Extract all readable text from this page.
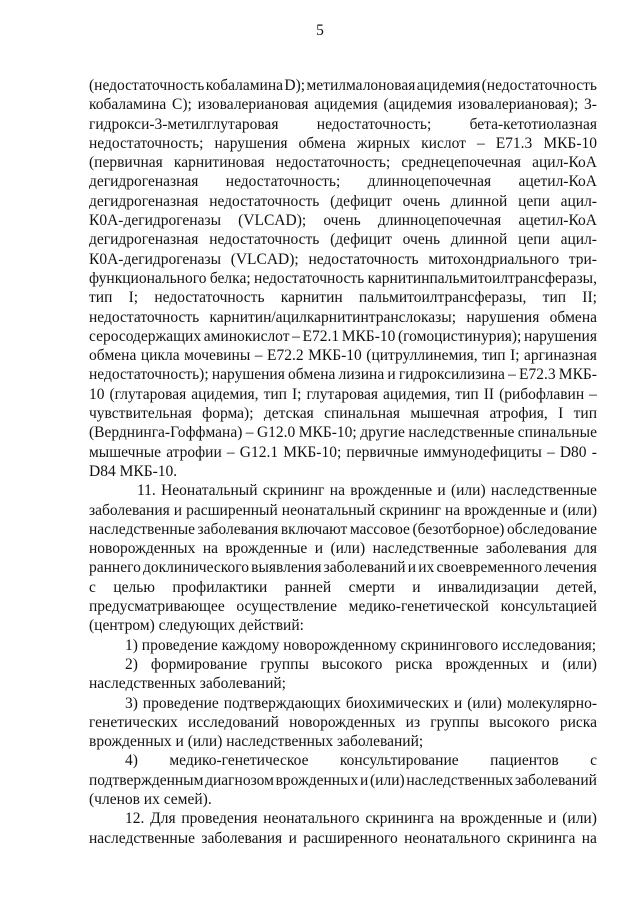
5
(недостаточность кобаламина D); метилмалоновая ацидемия (недостаточность
кобаламина С); изовалериановая ацидемия (ацидемия изовалериановая); 3-
гидрокси-3-метилглутаровая недостаточность; бета-кетотиолазная
недостаточность; нарушения обмена жирных кислот – Е71.3 МКБ-10
(первичная карнитиновая недостаточность; среднецепочечная ацил-КоА
дегидрогеназная недостаточность; длинноцепочечная ацетил-КоА
дегидрогеназная недостаточность (дефицит очень длинной цепи ацил-
К0А-дегидрогеназы (VLCAD); очень длинноцепочечная ацетил-КоА
дегидрогеназная недостаточность (дефицит очень длинной цепи ацил-
К0А-дегидрогеназы (VLCAD); недостаточность митохондриального три-
функционального белка; недостаточность карнитинпальмитоилтрансферазы,
тип I; недостаточность карнитин пальмитоилтрансферазы, тип II;
недостаточность карнитин/ацилкарнитинтранслоказы; нарушения обмена
серосодержащих аминокислот – Е72.1 МКБ-10 (гомоцистинурия); нарушения
обмена цикла мочевины – Е72.2 МКБ-10 (цитруллинемия, тип I; аргиназная
недостаточность); нарушения обмена лизина и гидроксилизина – Е72.3 МКБ-
10 (глутаровая ацидемия, тип I; глутаровая ацидемия, тип II (рибофлавин –
чувствительная форма); детская спинальная мышечная атрофия, I тип
(Верднинга-Гоффмана) – G12.0 МКБ-10; другие наследственные спинальные
мышечные атрофии – G12.1 МКБ-10; первичные иммунодефициты – D80 -
D84 МКБ-10.
11. Неонатальный скрининг на врожденные и (или) наследственные
заболевания и расширенный неонатальный скрининг на врожденные и (или)
наследственные заболевания включают массовое (безотборное) обследование
новорожденных на врожденные и (или) наследственные заболевания для
раннего доклинического выявления заболеваний и их своевременного лечения
с целью профилактики ранней смерти и инвалидизации детей,
предусматривающее осуществление медико-генетической консультацией
(центром) следующих действий:
1) проведение каждому новорожденному скринингового исследования;
2) формирование группы высокого риска врожденных и (или)
наследственных заболеваний;
3) проведение подтверждающих биохимических и (или) молекулярно-
генетических исследований новорожденных из группы высокого риска
врожденных и (или) наследственных заболеваний;
4) медико-генетическое консультирование пациентов с
подтвержденным диагнозом врожденных и (или) наследственных заболеваний
(членов их семей).
12. Для проведения неонатального скрининга на врожденные и (или)
наследственные заболевания и расширенного неонатального скрининга на
